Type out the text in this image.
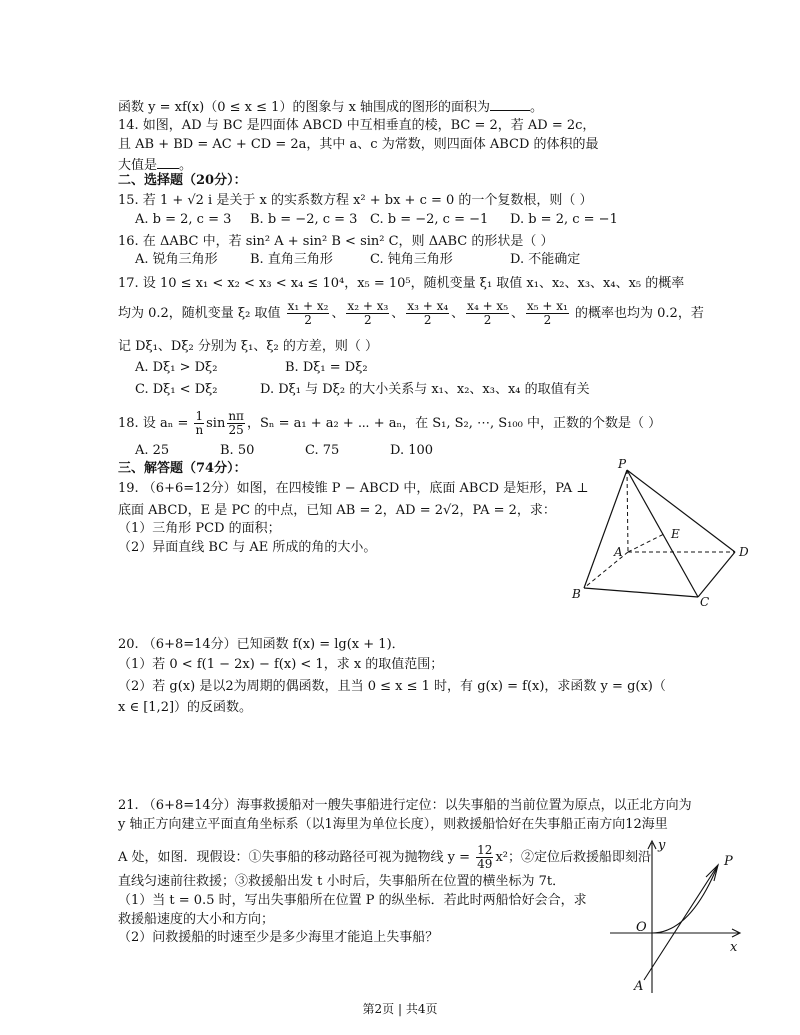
函数 y = xf(x)（0 ≤ x ≤ 1）的图象与 x 轴围成的图形的面积为	。
14. 如图，AD 与 BC 是四面体 ABCD 中互相垂直的棱，BC = 2，若 AD = 2c，
且 AB + BD = AC + CD = 2a，其中 a、c 为常数，则四面体 ABCD 的体积的最
大值是 。
二、选择题（20分）：
15. 若 1 + √2 i 是关于 x 的实系数方程 x² + bx + c = 0 的一个复数根，则（ ）
A. b = 2, c = 3 B. b = −2, c = 3 C. b = −2, c = −1 D. b = 2, c = −1
16. 在 ΔABC 中，若 sin² A + sin² B < sin² C，则 ΔABC 的形状是（ ）
A. 锐角三角形 B. 直角三角形	C. 钝角三角形	D. 不能确定
17. 设 10 ≤ x₁ < x₂ < x₃ < x₄ ≤ 10⁴，x₅ = 10⁵，随机变量 ξ₁ 取值 x₁、x₂、x₃、x₄、x₅ 的概率
均为 0.2，随机变量 ξ₂ 取值 $\frac{\text{x₁ + x₂}}{2}$ 、 $\frac{\text{x₂ + x₃}}{2}$ 、 $\frac{\text{x₃ + x₄}}{2}$ 、 $\frac{\text{x₄ + x₅}}{2}$ 、 $\frac{\text{x₅ + x₁}}{2}$ 的概率也均为 0.2，若
记 Dξ₁、Dξ₂ 分别为 ξ₁、ξ₂ 的方差，则（ ）
A. Dξ₁ > Dξ₂	B. Dξ₁ = Dξ₂
C. Dξ₁ < Dξ₂	D. Dξ₁ 与 Dξ₂ 的大小关系与 x₁、x₂、x₃、x₄ 的取值有关
18. 设 $a_n = \frac{1}{n}$ $\sin \frac{n\pi}{25}$ ，Sₙ = a₁ + a₂ + ⋯ + aₙ，在 S₁, S₂, ⋯, S₁₀₀ 中，正数的个数是（ ）
A. 25	B. 50	C. 75	D. 100
三、解答题（74分）：
19. （6+6=12分）如图，在四棱锥 P − ABCD 中，底面 ABCD 是矩形，PA ⊥
底面 ABCD，E 是 PC 的中点，已知 AB = 2，AD = 2√2，PA = 2，求：
（1）三角形 PCD 的面积；
（2）异面直线 BC 与 AE 所成的角的大小。
P
A
B
C
D
E
20. （6+8=14分）已知函数 f(x) = lg(x + 1)．
（1）若 0 < f(1 − 2x) − f(x) < 1，求 x 的取值范围；
（2）若 g(x) 是以2为周期的偶函数，且当 0 ≤ x ≤ 1 时，有 g(x) = f(x)，求函数 y = g(x)（
x ∈ [1,2]）的反函数。
21. （6+8=14分）海事救援船对一艘失事船进行定位：以失事船的当前位置为原点，以正北方向为
y 轴正方向建立平面直角坐标系（以1海里为单位长度），则救援船恰好在失事船正南方向12海里
A 处，如图．现假设：①失事船的移动路径可视为抛物线 $y = \frac{12}{49} x^2$；②定位后救援船即刻沿
直线匀速前往救援；③救援船出发 t 小时后，失事船所在位置的横坐标为 7t．
（1）当 t = 0.5 时，写出失事船所在位置 P 的纵坐标．若此时两船恰好会合，求
救援船速度的大小和方向；
（2）问救援船的时速至少是多少海里才能追上失事船？
y
P
O
x
A
第2页 | 共4页
